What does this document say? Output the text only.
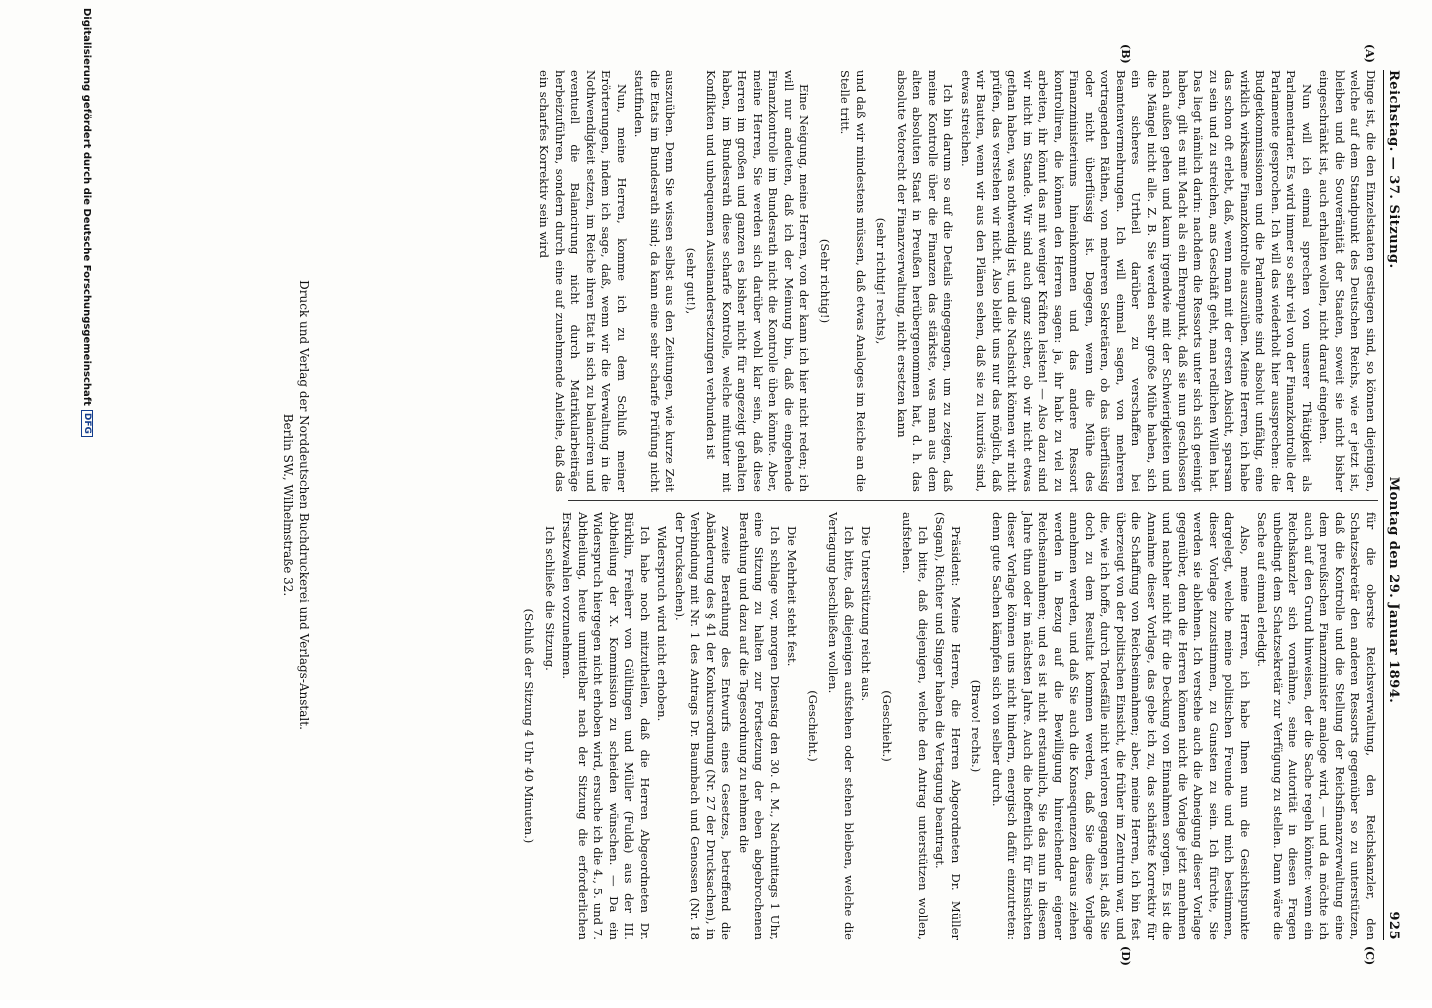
Reichstag. — 37. Sitzung.
Montag den 29. Januar 1894.
925
(A)
(B)
(C)
(D)

Dinge ist, die den Einzelstaaten gestiegen sind, so können diejenigen, welche auf dem Standpunkt des Deutschen Reichs, wie er jetzt ist, bleiben und die Souveränität der Staaten, soweit sie nicht bisher eingeschränkt ist, auch erhalten wollen, nicht darauf eingehen.

Nun will ich einmal sprechen von unserer Thätigkeit als Parlamentarier. Es wird immer so sehr viel von der Finanzkontrolle der Parlamente gesprochen. Ich will das wiederholt hier aussprechen: die Budgetkommissionen und die Parlamente sind absolut unfähig, eine wirklich wirksame Finanzkontrolle auszuüben. Meine Herren, ich habe das schon oft erlebt, daß, wenn man mit der ersten Absicht, sparsam zu sein und zu streichen, ans Geschäft geht, man redlichen Willen hat. Das liegt nämlich darin: nachdem die Ressorts unter sich sich geeinigt haben, gilt es mit Macht als ein Ehrenpunkt, daß sie nun geschlossen nach außen gehen und kaum irgendwie mit der Schwierigkeiten und die Mängel nicht alle. Z. B. Sie werden sehr große Mühe haben, sich ein sicheres Urtheil darüber zu verschaffen bei Beamtenvermehrungen. Ich will einmal sagen, von mehreren vortragenden Räthen, von mehreren Sekretären, ob das überflüssig oder nicht überflüssig ist. Dagegen, wenn die Mühe des Finanzministeriums hineinkommen und das andere Ressort kontrolliren, die können den Herren sagen: ja, ihr habt zu viel zu arbeiten, ihr könnt das mit weniger Kräften leisten! — Also dazu sind wir nicht im Stande. Wir sind auch ganz sicher, ob wir nicht etwas gethan haben, was nothwendig ist, und die Nachsicht können wir nicht prüfen, das verstehen wir nicht. Also bleibt uns nur das möglich, daß wir Bauten, wenn wir aus den Plänen sehen, daß sie zu luxuriös sind, etwas streichen.

Ich bin darum so auf die Details eingegangen, um zu zeigen, daß meine Kontrolle über die Finanzen das stärkste, was man aus dem alten absoluten Staat in Preußen herübergenommen hat, d. h. das absolute Vetorecht der Finanzverwaltung, nicht ersetzen kann

(sehr richtig! rechts),

und daß wir mindestens müssen, daß etwas Analoges im Reiche an die Stelle tritt.

(Sehr richtig!)

Eine Neigung, meine Herren, von der kann ich hier nicht reden; ich will nur andeuten, daß ich der Meinung bin, daß die eingehende Finanzkontrolle im Bundesrath nicht die Kontrolle üben könnte. Aber, meine Herren, Sie werden sich darüber wohl klar sein, daß diese Herren im großen und ganzen es bisher nicht für angezeigt gehalten haben, im Bundesrath diese scharfe Kontrolle, welche mitunter mit Konflikten und unbequemen Auseinandersetzungen verbunden ist

(sehr gut!),

auszuüben. Denn Sie wissen selbst aus den Zeitungen, wie kurze Zeit die Etats im Bundesrath sind; da kann eine sehr scharfe Prüfung nicht stattfinden.

Nun, meine Herren, komme ich zu dem Schluß meiner Erörterungen, indem ich sage, daß, wenn wir die Verwaltung in die Nothwendigkeit setzen, im Reiche ihren Etat in sich zu balanciren und eventuell die Balancirung nicht durch Matrikularbeiträge herbeizuführen, sondern durch eine auf zunehmende Anleihe, daß das ein scharfes Korrektiv sein wird

für die oberste Reichsverwaltung, den Reichskanzler, den Schatzsekretär den anderen Ressorts gegenüber so zu unterstützen, daß die Kontrolle und die Stellung der Reichsfinanzverwaltung eine dem preußischen Finanzminister analoge wird, — und da möchte ich auch auf den Grund hinweisen, der die Sache regeln könnte: wenn ein Reichskanzler sich vornähme, seine Autorität in diesen Fragen unbedingt dem Schatzsekretär zur Verfügung zu stellen. Dann wäre die Sache auf einmal erledigt.

Also, meine Herren, ich habe Ihnen nun die Gesichtspunkte dargelegt, welche meine politischen Freunde und mich bestimmen, dieser Vorlage zuzustimmen, zu Gunsten zu sein. Ich fürchte, Sie werden sie ablehnen. Ich verstehe auch die Abneigung dieser Vorlage gegenüber, denn die Herren können nicht die Vorlage jetzt annehmen und nachher nicht für die Deckung von Einnahmen sorgen. Es ist die Annahme dieser Vorlage, das gebe ich zu, das schärfste Korrektiv für die Schaffung von Reichseinnahmen; aber, meine Herren, ich bin fest überzeugt von der politischen Einsicht, die früher im Zentrum war, und die, wie ich hoffe, durch Todesfälle nicht verloren gegangen ist, daß Sie doch zu dem Resultat kommen werden, daß Sie diese Vorlage annehmen werden, und daß Sie auch die Konsequenzen daraus ziehen werden in Bezug auf die Bewilligung hinreichender eigener Reichseinnahmen; und es ist nicht erstaunlich, Sie das nun in diesem Jahre thun oder im nächsten Jahre. Auch die hoffentlich für Einsichten dieser Vorlage können uns nicht hindern, energisch dafür einzutreten: denn gute Sachen kämpfen sich von selber durch.

(Bravo! rechts.)

Präsident: Meine Herren, die Herren Abgeordneten Dr. Müller (Sagan), Richter und Singer haben die Vertagung beantragt.

Ich bitte, daß diejenigen, welche den Antrag unterstützen wollen, aufstehen.

(Geschieht.)

Die Unterstützung reicht aus.

Ich bitte, daß diejenigen aufstehen oder stehen bleiben, welche die Vertagung beschließen wollen.

(Geschieht.)

Die Mehrheit steht fest.

Ich schlage vor, morgen Dienstag den 30. d. M., Nachmittags 1 Uhr, eine Sitzung zu halten zur Fortsetzung der eben abgebrochenen Berathung und dazu auf die Tagesordnung zu nehmen die

zweite Berathung des Entwurfs eines Gesetzes, betreffend die Abänderung des § 41 der Konkursordnung (Nr. 27 der Drucksachen), in Verbindung mit Nr. 1 des Antrags Dr. Baumbach und Genossen (Nr. 18 der Drucksachen).

Widerspruch wird nicht erhoben.

Ich habe noch mitzutheilen, daß die Herren Abgeordneten Dr. Bürklin, Freiherr von Gültlingen und Müller (Fulda) aus der III. Abtheilung der X. Kommission zu scheiden wünschen. — Da ein Widerspruch hiergegen nicht erhoben wird, ersuche ich die 4., 5. und 7. Abtheilung, heute unmittelbar nach der Sitzung die erforderlichen Ersatzwahlen vorzunehmen.

Ich schließe die Sitzung.

(Schluß der Sitzung 4 Uhr 40 Minuten.)

Druck und Verlag der Norddeutschen Buchdruckerei und Verlags-Anstalt.
Berlin SW., Wilhelmstraße 32.
Digitalisierung gefördert durch die Deutsche Forschungsgemeinschaft
DFG
